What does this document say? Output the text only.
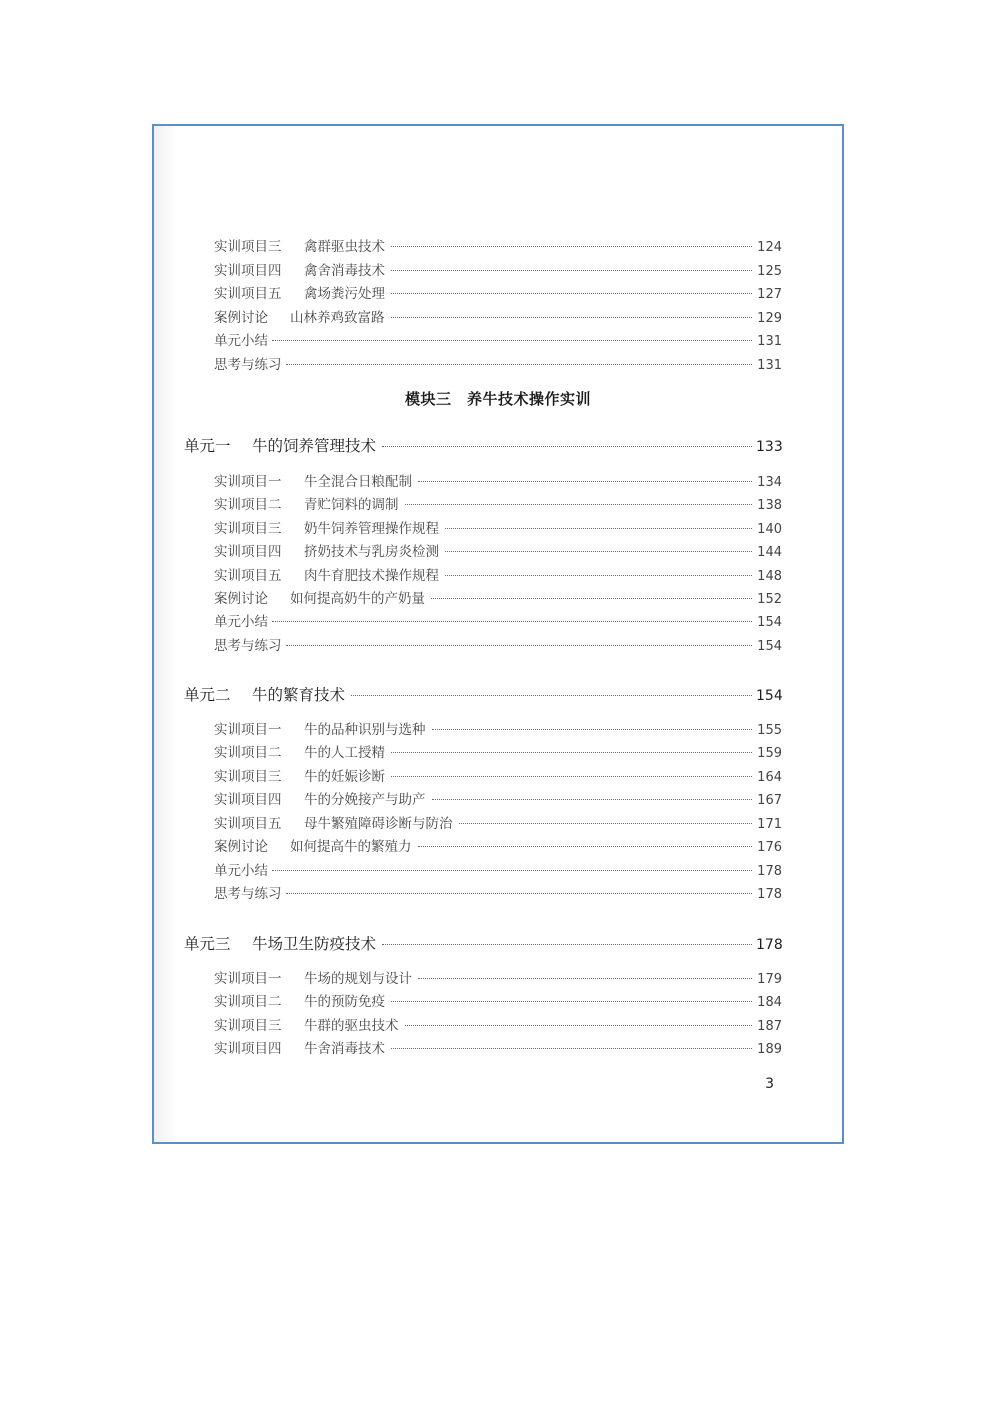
实训项目三	禽群驱虫技术	124
实训项目四	禽舍消毒技术	125
实训项目五	禽场粪污处理	127
案例讨论	山林养鸡致富路	129
单元小结	131
思考与练习	131
模块三　养牛技术操作实训
单元一	牛的饲养管理技术	133
实训项目一	牛全混合日粮配制	134
实训项目二	青贮饲料的调制	138
实训项目三	奶牛饲养管理操作规程	140
实训项目四	挤奶技术与乳房炎检测	144
实训项目五	肉牛育肥技术操作规程	148
案例讨论	如何提高奶牛的产奶量	152
单元小结	154
思考与练习	154
单元二	牛的繁育技术	154
实训项目一	牛的品种识别与选种	155
实训项目二	牛的人工授精	159
实训项目三	牛的妊娠诊断	164
实训项目四	牛的分娩接产与助产	167
实训项目五	母牛繁殖障碍诊断与防治	171
案例讨论	如何提高牛的繁殖力	176
单元小结	178
思考与练习	178
单元三	牛场卫生防疫技术	178
实训项目一	牛场的规划与设计	179
实训项目二	牛的预防免疫	184
实训项目三	牛群的驱虫技术	187
实训项目四	牛舍消毒技术	189
3
